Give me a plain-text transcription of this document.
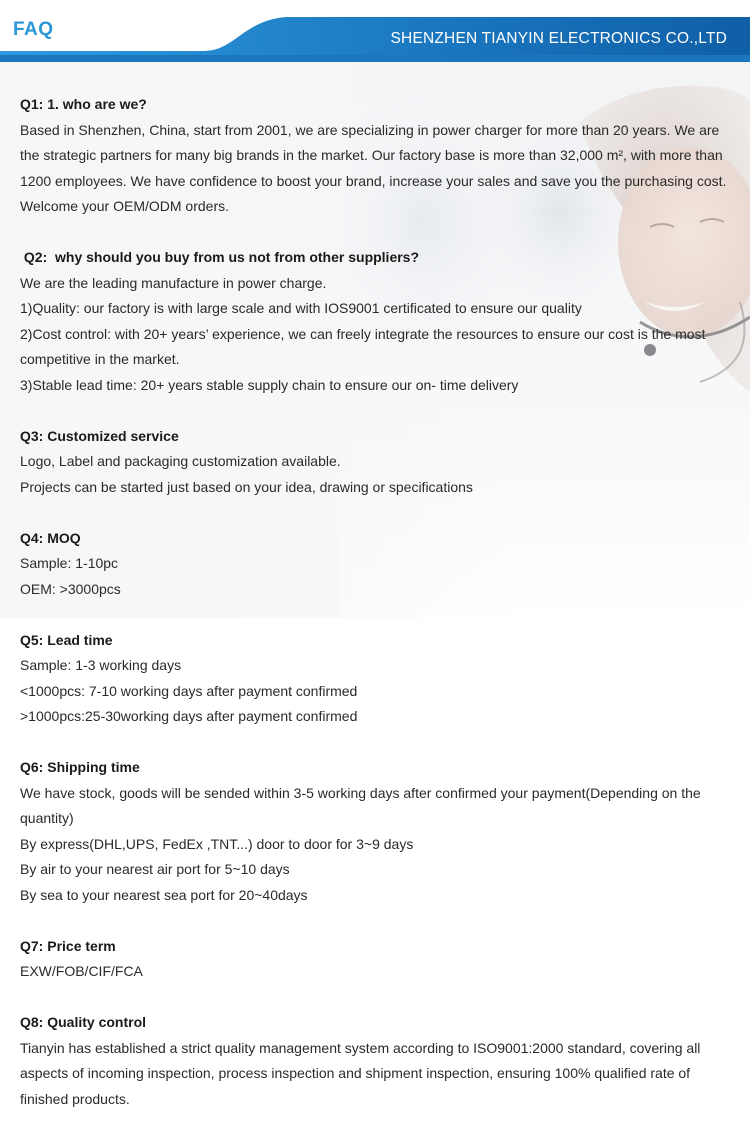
FAQ	SHENZHEN TIANYIN ELECTRONICS CO.,LTD
Q1: 1. who are we?
Based in Shenzhen, China, start from 2001, we are specializing in power charger for more than 20 years. We are the strategic partners for many big brands in the market. Our factory base is more than 32,000 m², with more than 1200 employees. We have confidence to boost your brand, increase your sales and save you the purchasing cost. Welcome your OEM/ODM orders.
Q2:  why should you buy from us not from other suppliers?
We are the leading manufacture in power charge.
1)Quality: our factory is with large scale and with IOS9001 certificated to ensure our quality
2)Cost control: with 20+ years’ experience, we can freely integrate the resources to ensure our cost is the most competitive in the market.
3)Stable lead time: 20+ years stable supply chain to ensure our on- time delivery
Q3: Customized service
Logo, Label and packaging customization available.
Projects can be started just based on your idea, drawing or specifications
Q4: MOQ
Sample: 1-10pc
OEM: >3000pcs
Q5: Lead time
Sample: 1-3 working days
<1000pcs: 7-10 working days after payment confirmed
>1000pcs:25-30working days after payment confirmed
Q6: Shipping time
We have stock, goods will be sended within 3-5 working days after confirmed your payment(Depending on the quantity)
By express(DHL,UPS, FedEx ,TNT...) door to door for 3~9 days
By air to your nearest air port for 5~10 days
By sea to your nearest sea port for 20~40days
Q7: Price term
EXW/FOB/CIF/FCA
Q8: Quality control
Tianyin has established a strict quality management system according to ISO9001:2000 standard, covering all aspects of incoming inspection, process inspection and shipment inspection, ensuring 100% qualified rate of finished products.
